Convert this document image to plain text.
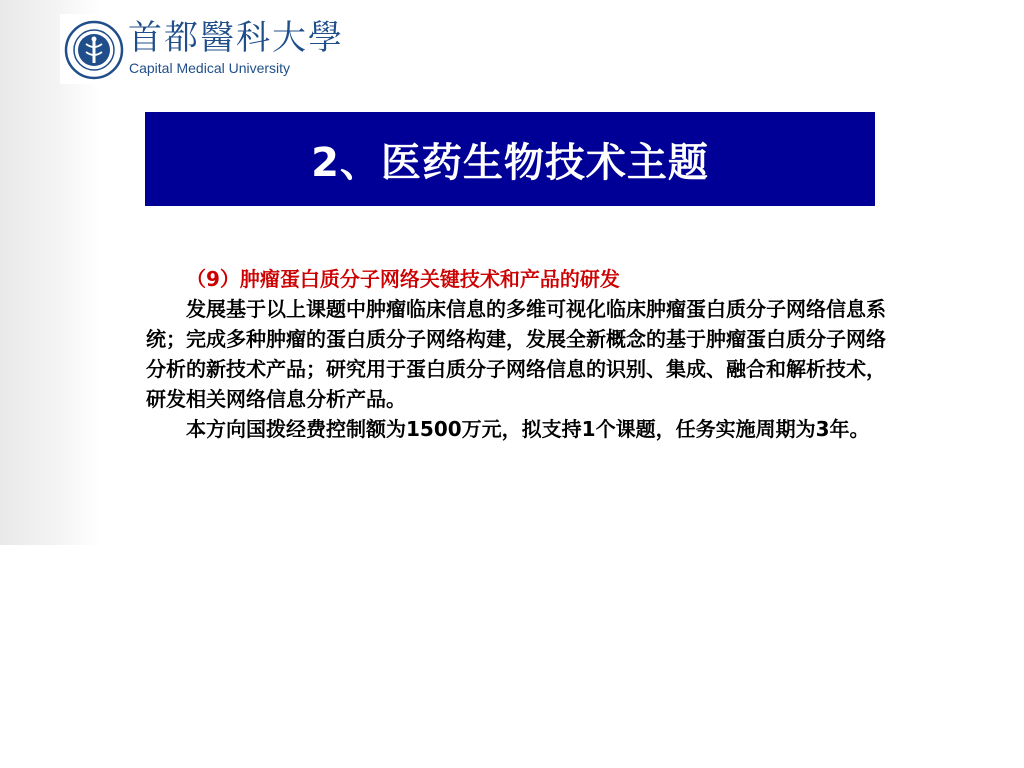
首都醫科大學
Capital Medical University
2、医药生物技术主题

（9）肿瘤蛋白质分子网络关键技术和产品的研发

发展基于以上课题中肿瘤临床信息的多维可视化临床肿瘤蛋白质分子网络信息系统；完成多种肿瘤的蛋白质分子网络构建，发展全新概念的基于肿瘤蛋白质分子网络分析的新技术产品；研究用于蛋白质分子网络信息的识别、集成、融合和解析技术，研发相关网络信息分析产品。

本方向国拨经费控制额为1500万元，拟支持1个课题，任务实施周期为3年。
